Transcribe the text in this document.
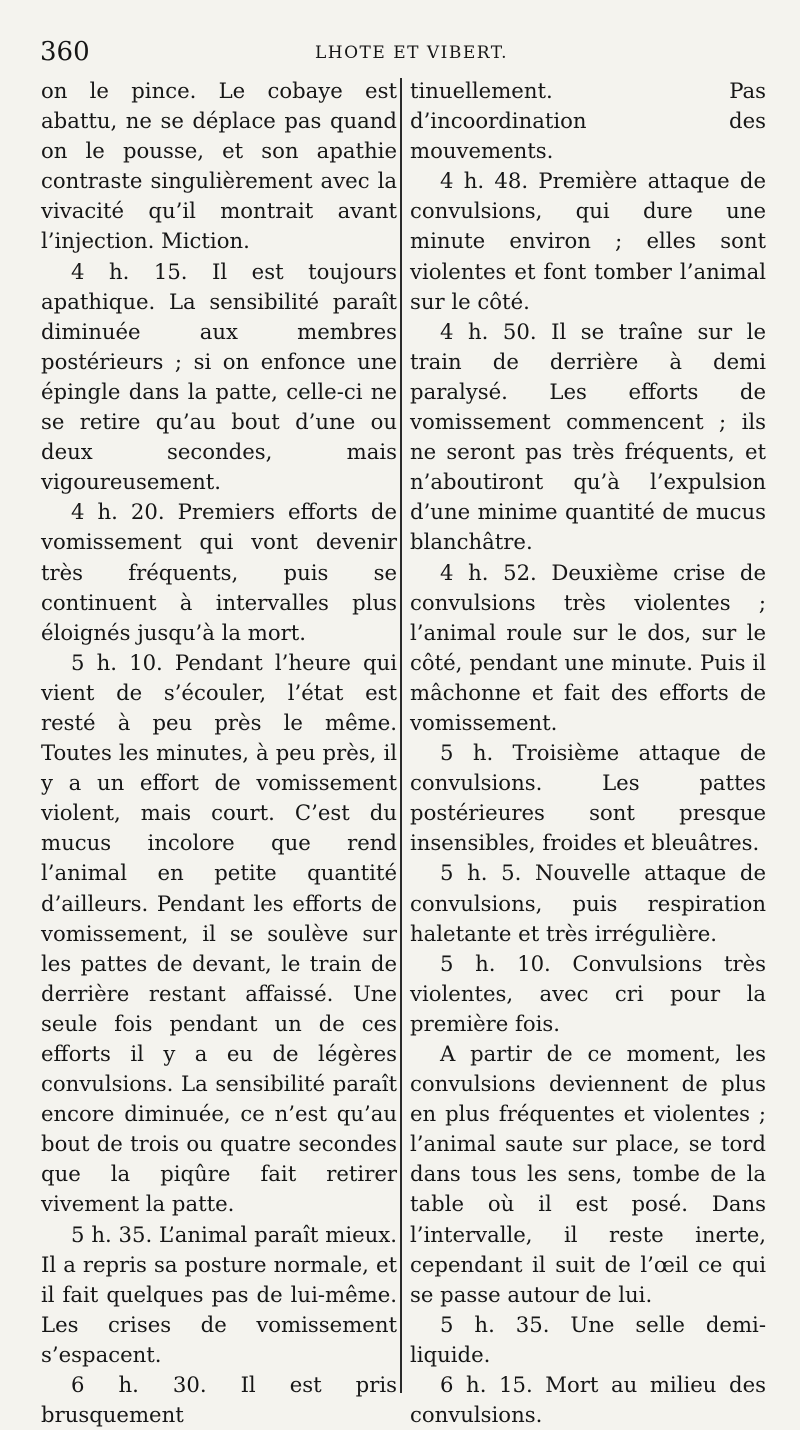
360	LHOTE ET VIBERT.

on le pince. Le cobaye est abattu, ne se déplace pas quand on le pousse, et son apathie contraste singulièrement avec la vivacité qu’il montrait avant l’injection. Miction.

4 h. 15. Il est toujours apathique. La sensibilité paraît diminuée aux membres postérieurs ; si on enfonce une épingle dans la patte, celle-ci ne se retire qu’au bout d’une ou deux secondes, mais vigoureusement.

4 h. 20. Premiers efforts de vomissement qui vont devenir très fréquents, puis se continuent à intervalles plus éloignés jusqu’à la mort.

5 h. 10. Pendant l’heure qui vient de s’écouler, l’état est resté à peu près le même. Toutes les minutes, à peu près, il y a un effort de vomissement violent, mais court. C’est du mucus incolore que rend l’animal en petite quantité d’ailleurs. Pendant les efforts de vomissement, il se soulève sur les pattes de devant, le train de derrière restant affaissé. Une seule fois pendant un de ces efforts il y a eu de légères convulsions. La sensibilité paraît encore diminuée, ce n’est qu’au bout de trois ou quatre secondes que la piqûre fait retirer vivement la patte.

5 h. 35. L’animal paraît mieux. Il a repris sa posture normale, et il fait quelques pas de lui-même. Les crises de vomissement s’espacent.

6 h. 30. Il est pris brusquement

tinuellement. Pas d’incoordination des mouvements.

4 h. 48. Première attaque de convulsions, qui dure une minute environ ; elles sont violentes et font tomber l’animal sur le côté.

4 h. 50. Il se traîne sur le train de derrière à demi paralysé. Les efforts de vomissement commencent ; ils ne seront pas très fréquents, et n’aboutiront qu’à l’expulsion d’une minime quantité de mucus blanchâtre.

4 h. 52. Deuxième crise de convulsions très violentes ; l’animal roule sur le dos, sur le côté, pendant une minute. Puis il mâchonne et fait des efforts de vomissement.

5 h. Troisième attaque de convulsions. Les pattes postérieures sont presque insensibles, froides et bleuâtres.

5 h. 5. Nouvelle attaque de convulsions, puis respiration haletante et très irrégulière.

5 h. 10. Convulsions très violentes, avec cri pour la première fois.

A partir de ce moment, les convulsions deviennent de plus en plus fréquentes et violentes ; l’animal saute sur place, se tord dans tous les sens, tombe de la table où il est posé. Dans l’intervalle, il reste inerte, cependant il suit de l’œil ce qui se passe autour de lui.

5 h. 35. Une selle demi-liquide.

6 h. 15. Mort au milieu des convulsions.
